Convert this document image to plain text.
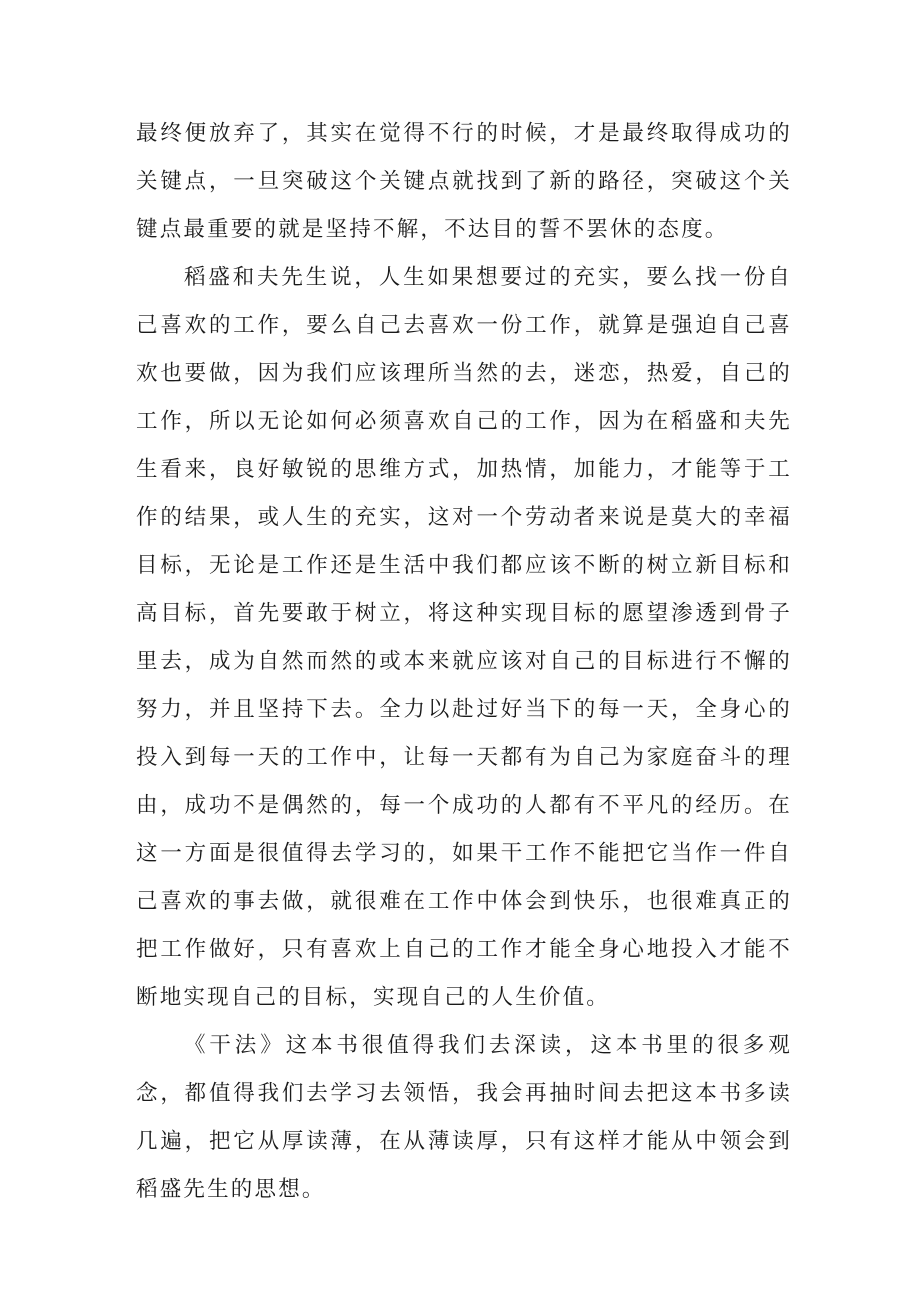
最终便放弃了，其实在觉得不行的时候，才是最终取得成功的关键点，一旦突破这个关键点就找到了新的路径，突破这个关键点最重要的就是坚持不解，不达目的誓不罢休的态度。

稻盛和夫先生说，人生如果想要过的充实，要么找一份自己喜欢的工作，要么自己去喜欢一份工作，就算是强迫自己喜欢也要做，因为我们应该理所当然的去，迷恋，热爱，自己的工作，所以无论如何必须喜欢自己的工作，因为在稻盛和夫先生看来，良好敏锐的思维方式，加热情，加能力，才能等于工作的结果，或人生的充实，这对一个劳动者来说是莫大的幸福目标，无论是工作还是生活中我们都应该不断的树立新目标和高目标，首先要敢于树立，将这种实现目标的愿望渗透到骨子里去，成为自然而然的或本来就应该对自己的目标进行不懈的努力，并且坚持下去。全力以赴过好当下的每一天，全身心的投入到每一天的工作中，让每一天都有为自己为家庭奋斗的理由，成功不是偶然的，每一个成功的人都有不平凡的经历。在这一方面是很值得去学习的，如果干工作不能把它当作一件自己喜欢的事去做，就很难在工作中体会到快乐，也很难真正的把工作做好，只有喜欢上自己的工作才能全身心地投入才能不断地实现自己的目标，实现自己的人生价值。

《干法》这本书很值得我们去深读，这本书里的很多观念，都值得我们去学习去领悟，我会再抽时间去把这本书多读几遍，把它从厚读薄，在从薄读厚，只有这样才能从中领会到稻盛先生的思想。
